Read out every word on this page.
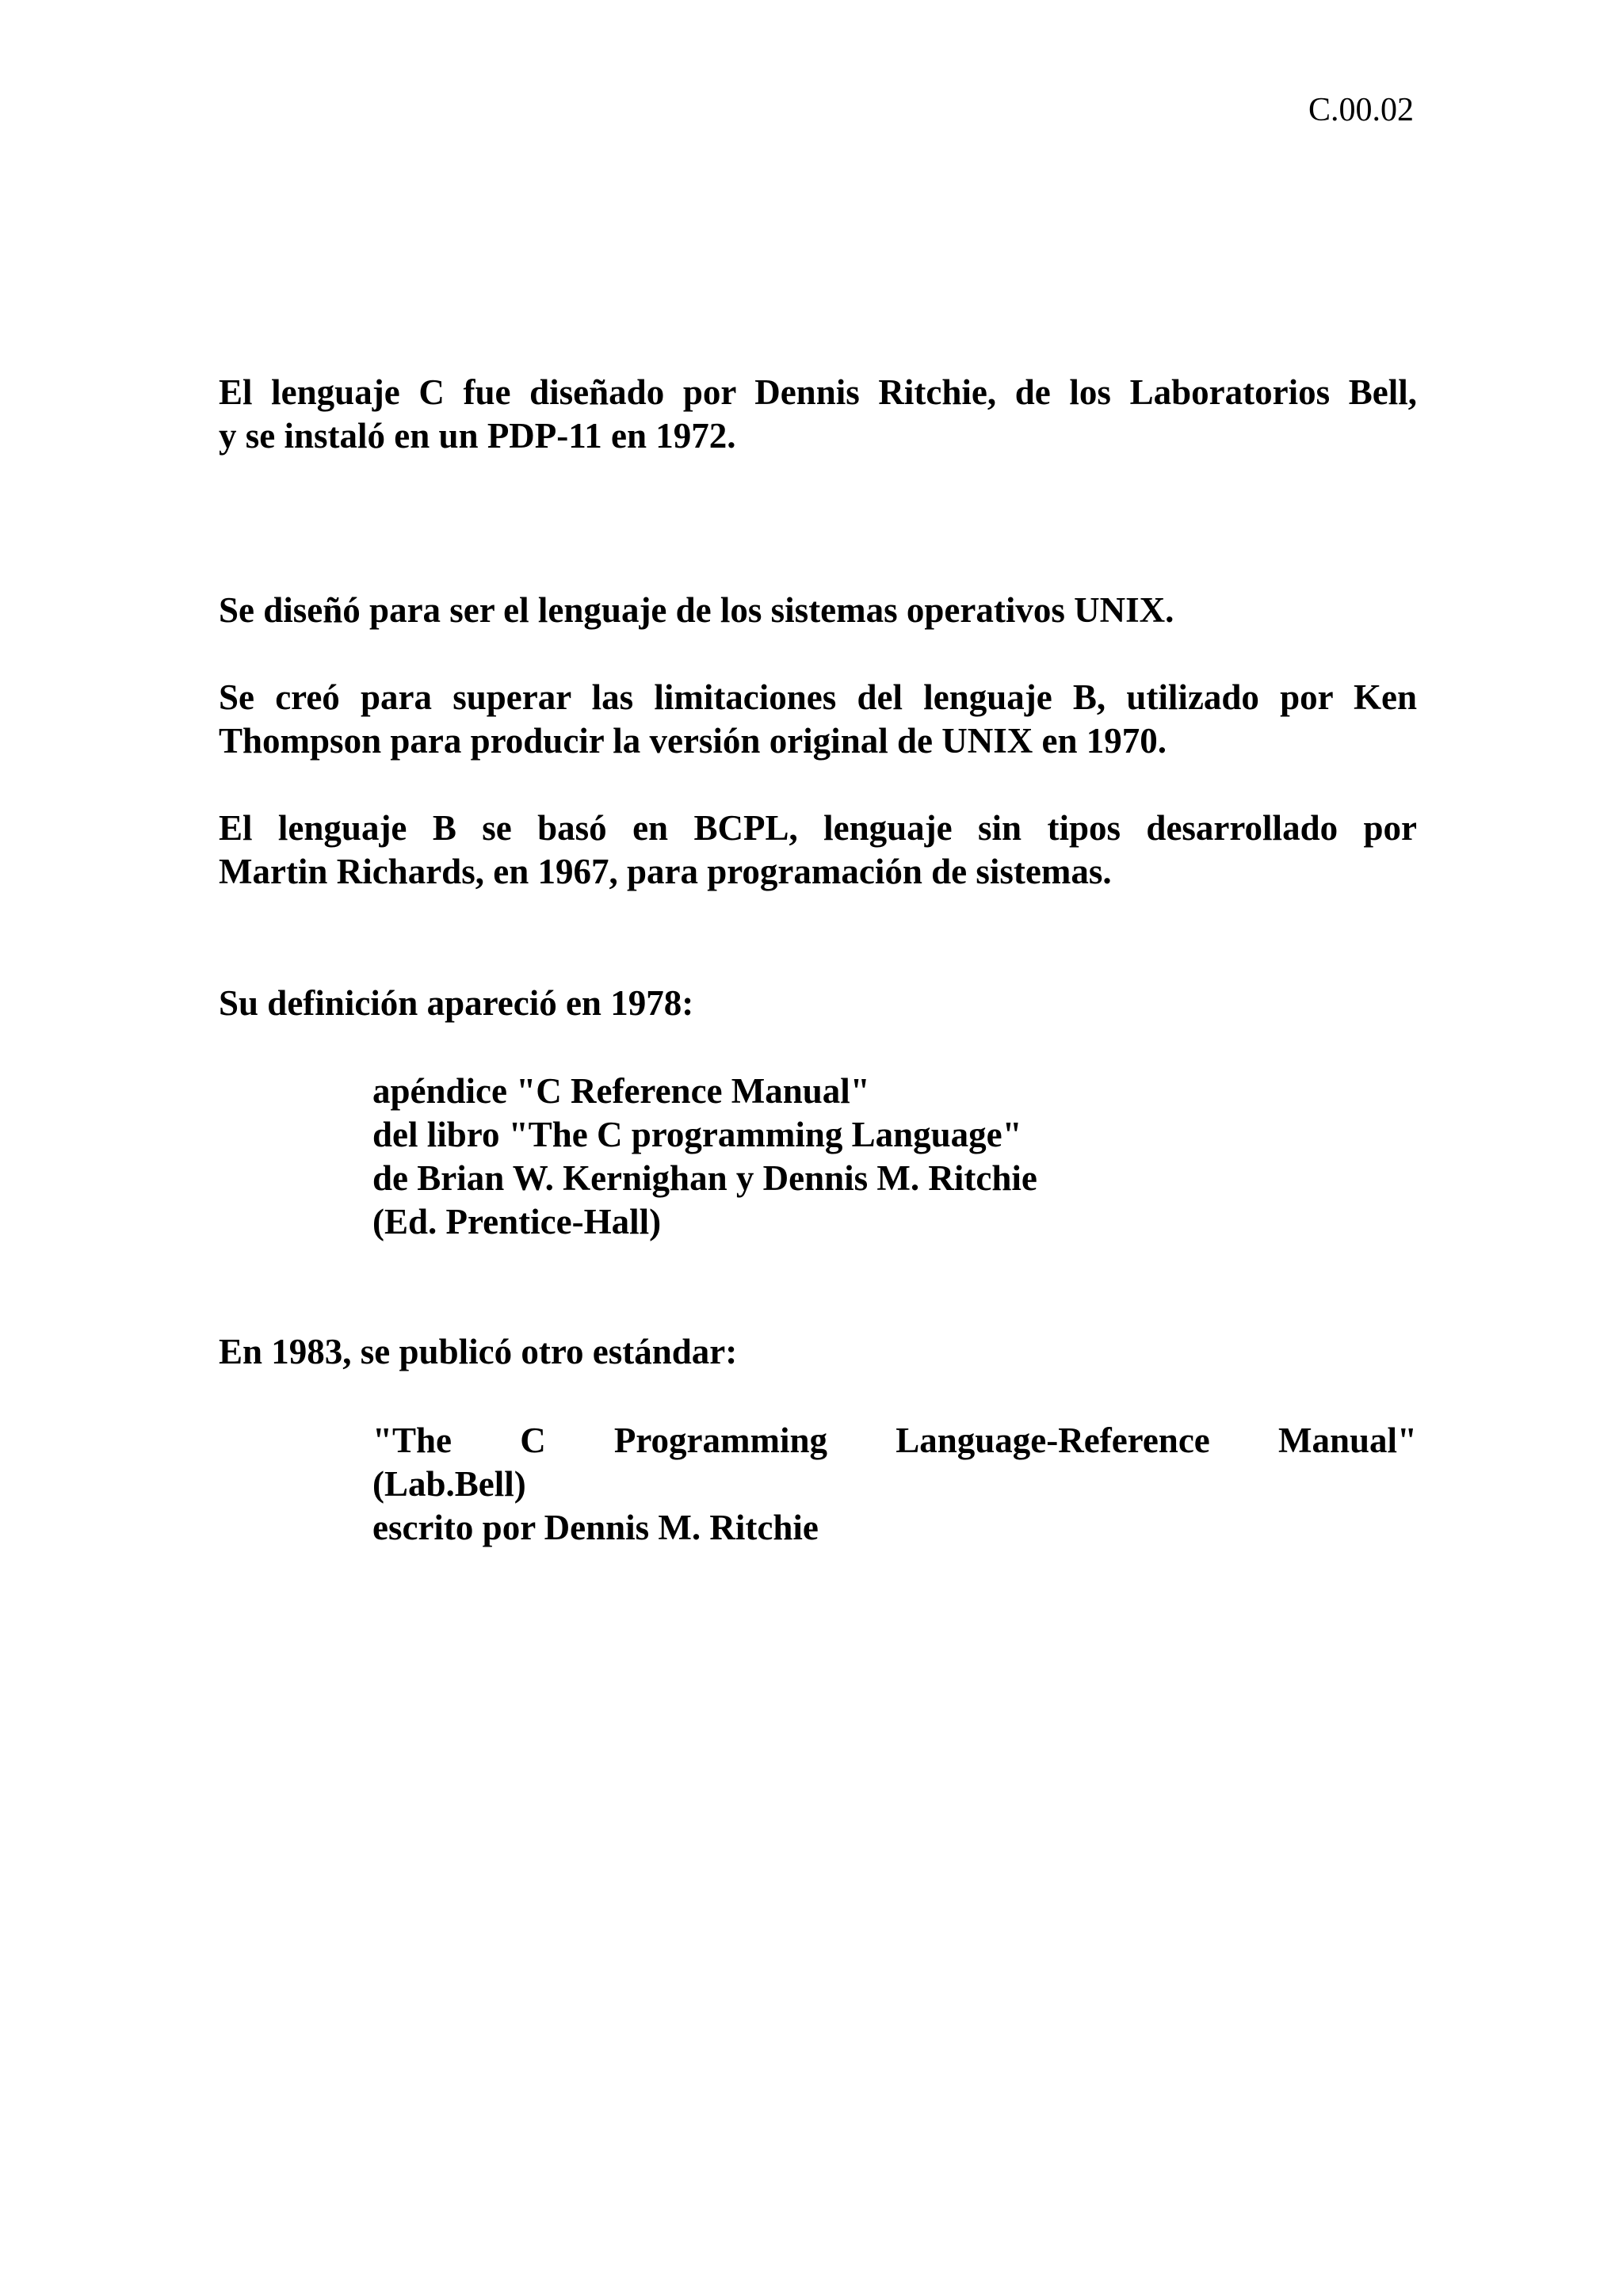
C.00.02

El lenguaje C fue diseñado por Dennis Ritchie, de los Laboratorios Bell,
y se instaló en un PDP-11 en 1972.

Se diseñó para ser el lenguaje de los sistemas operativos UNIX.

Se creó para superar las limitaciones del lenguaje B, utilizado por Ken
Thompson para producir la versión original de UNIX en 1970.

El lenguaje B se basó en BCPL, lenguaje sin tipos desarrollado por
Martin Richards, en 1967, para programación de sistemas.

Su definición apareció en 1978:

apéndice "C Reference Manual"
del libro "The C programming Language"
de Brian W. Kernighan y Dennis M. Ritchie
(Ed. Prentice-Hall)

En 1983, se publicó otro estándar:

"The C Programming Language-Reference Manual"
(Lab.Bell)
escrito por Dennis M. Ritchie
